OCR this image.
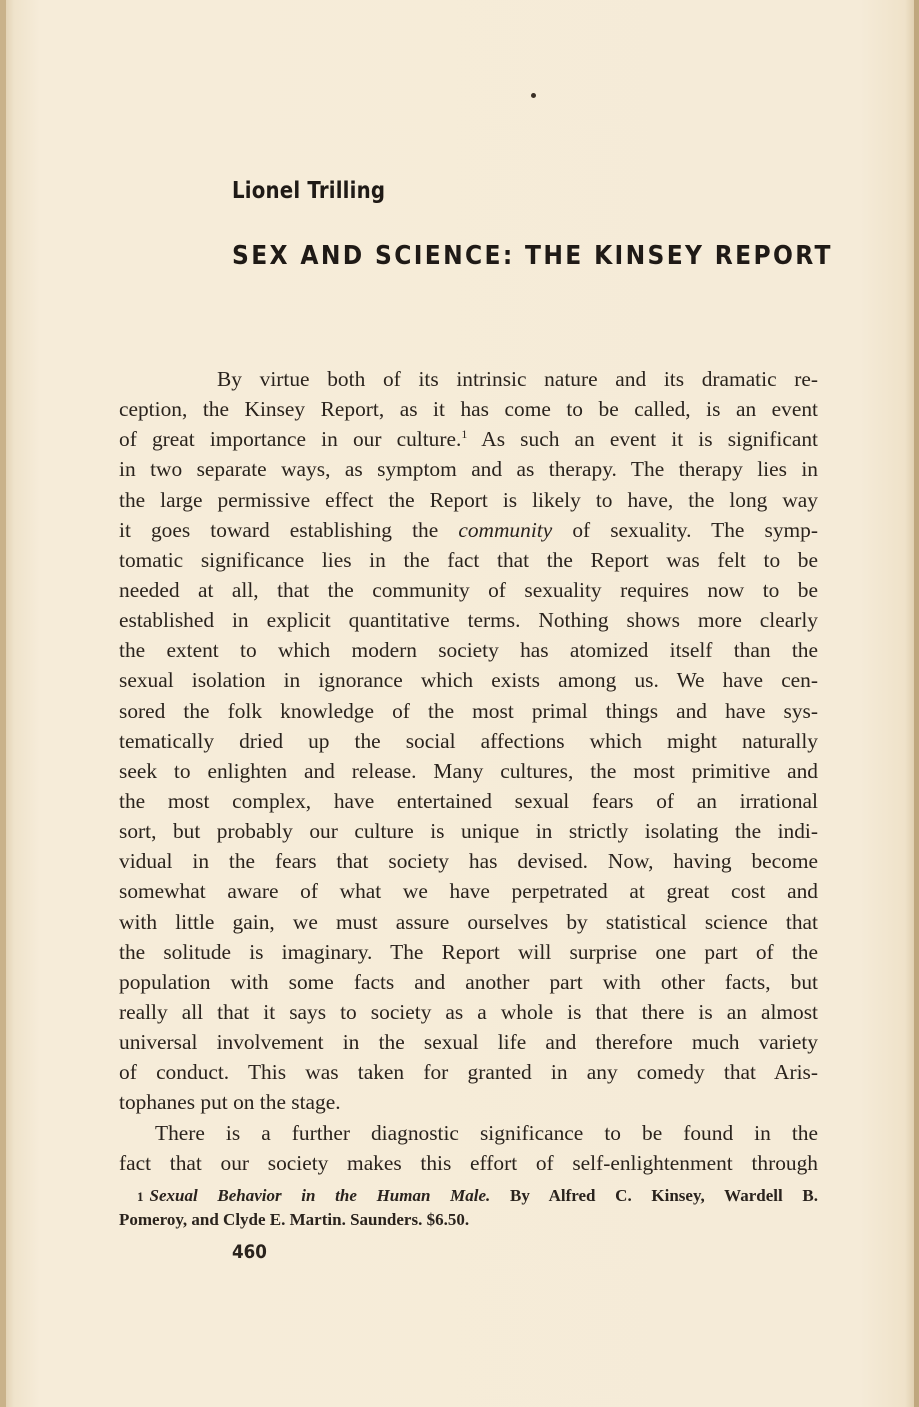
Lionel Trilling
SEX AND SCIENCE: THE KINSEY REPORT
By virtue both of its intrinsic nature and its dramatic re-
ception, the Kinsey Report, as it has come to be called, is an event
of great importance in our culture.$^1$ As such an event it is significant
in two separate ways, as symptom and as therapy. The therapy lies in
the large permissive effect the Report is likely to have, the long way
it goes toward establishing the community of sexuality. The symp-
tomatic significance lies in the fact that the Report was felt to be
needed at all, that the community of sexuality requires now to be
established in explicit quantitative terms. Nothing shows more clearly
the extent to which modern society has atomized itself than the
sexual isolation in ignorance which exists among us. We have cen-
sored the folk knowledge of the most primal things and have sys-
tematically dried up the social affections which might naturally
seek to enlighten and release. Many cultures, the most primitive and
the most complex, have entertained sexual fears of an irrational
sort, but probably our culture is unique in strictly isolating the indi-
vidual in the fears that society has devised. Now, having become
somewhat aware of what we have perpetrated at great cost and
with little gain, we must assure ourselves by statistical science that
the solitude is imaginary. The Report will surprise one part of the
population with some facts and another part with other facts, but
really all that it says to society as a whole is that there is an almost
universal involvement in the sexual life and therefore much variety
of conduct. This was taken for granted in any comedy that Aris-
tophanes put on the stage.
There is a further diagnostic significance to be found in the
fact that our society makes this effort of self-enlightenment through
1 Sexual Behavior in the Human Male. By Alfred C. Kinsey, Wardell B.
Pomeroy, and Clyde E. Martin. Saunders. $6.50.
460
